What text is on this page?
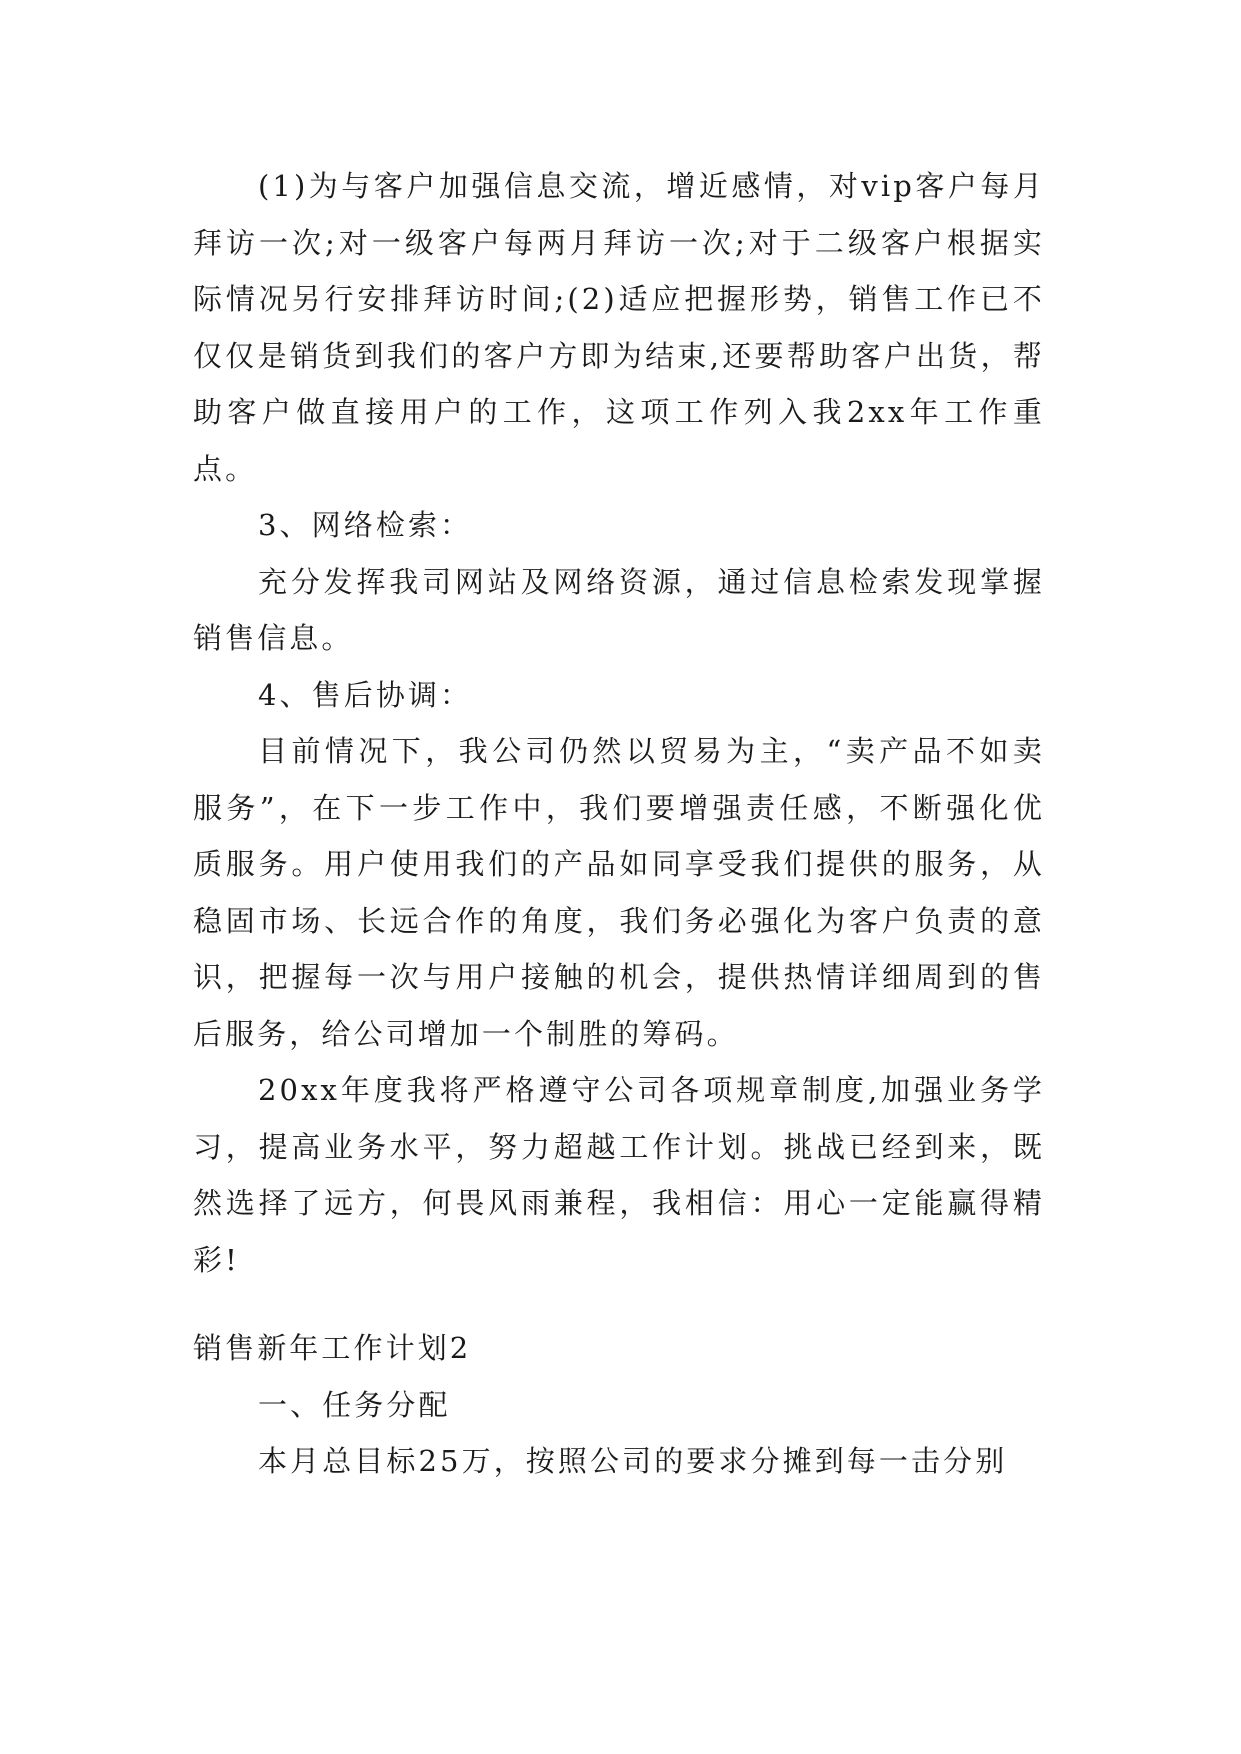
(1)为与客户加强信息交流，增近感情，对vip客户每月拜访一次;对一级客户每两月拜访一次;对于二级客户根据实际情况另行安排拜访时间;(2)适应把握形势，销售工作已不仅仅是销货到我们的客户方即为结束,还要帮助客户出货，帮助客户做直接用户的工作，这项工作列入我2xx年工作重点。

3、网络检索：

充分发挥我司网站及网络资源，通过信息检索发现掌握销售信息。

4、售后协调：

目前情况下，我公司仍然以贸易为主，“卖产品不如卖服务”，在下一步工作中，我们要增强责任感，不断强化优质服务。用户使用我们的产品如同享受我们提供的服务，从稳固市场、长远合作的角度，我们务必强化为客户负责的意识，把握每一次与用户接触的机会，提供热情详细周到的售后服务，给公司增加一个制胜的筹码。

20xx年度我将严格遵守公司各项规章制度,加强业务学习，提高业务水平，努力超越工作计划。挑战已经到来，既然选择了远方，何畏风雨兼程，我相信：用心一定能赢得精彩!

销售新年工作计划2

一、任务分配

本月总目标25万，按照公司的要求分摊到每一击分别
